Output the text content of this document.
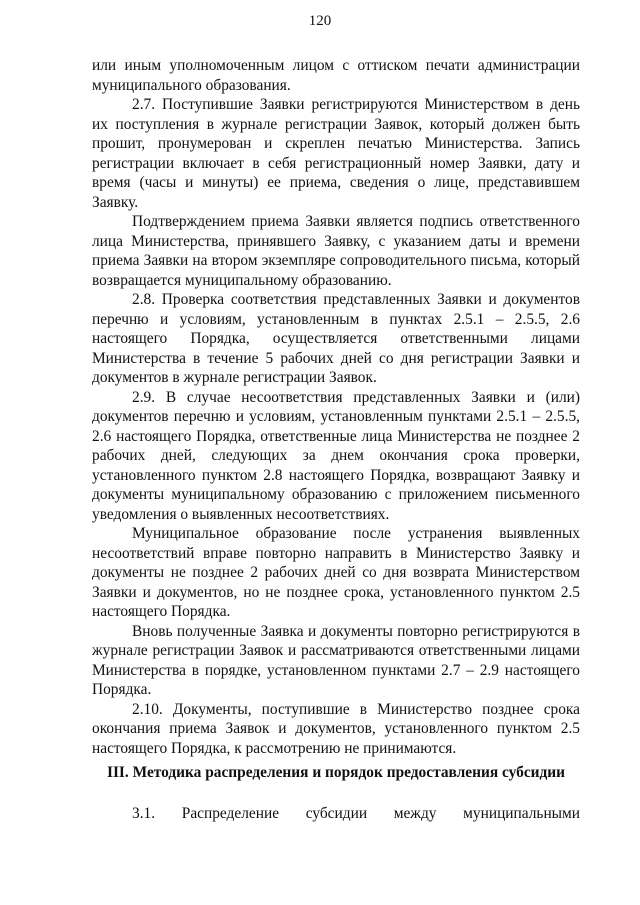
120

или иным уполномоченным лицом с оттиском печати администрации муниципального образования.

2.7. Поступившие Заявки регистрируются Министерством в день их поступления в журнале регистрации Заявок, который должен быть прошит, пронумерован и скреплен печатью Министерства. Запись регистрации включает в себя регистрационный номер Заявки, дату и время (часы и минуты) ее приема, сведения о лице, представившем Заявку.

Подтверждением приема Заявки является подпись ответственного лица Министерства, принявшего Заявку, с указанием даты и времени приема Заявки на втором экземпляре сопроводительного письма, который возвращается муниципальному образованию.

2.8. Проверка соответствия представленных Заявки и документов перечню и условиям, установленным в пунктах 2.5.1 – 2.5.5, 2.6 настоящего Порядка, осуществляется ответственными лицами Министерства в течение 5 рабочих дней со дня регистрации Заявки и документов в журнале регистрации Заявок.

2.9. В случае несоответствия представленных Заявки и (или) документов перечню и условиям, установленным пунктами 2.5.1 – 2.5.5, 2.6 настоящего Порядка, ответственные лица Министерства не позднее 2 рабочих дней, следующих за днем окончания срока проверки, установленного пунктом 2.8 настоящего Порядка, возвращают Заявку и документы муниципальному образованию с приложением письменного уведомления о выявленных несоответствиях.

Муниципальное образование после устранения выявленных несоответствий вправе повторно направить в Министерство Заявку и документы не позднее 2 рабочих дней со дня возврата Министерством Заявки и документов, но не позднее срока, установленного пунктом 2.5 настоящего Порядка.

Вновь полученные Заявка и документы повторно регистрируются в журнале регистрации Заявок и рассматриваются ответственными лицами Министерства в порядке, установленном пунктами 2.7 – 2.9 настоящего Порядка.

2.10. Документы, поступившие в Министерство позднее срока окончания приема Заявок и документов, установленного пунктом 2.5 настоящего Порядка, к рассмотрению не принимаются.

III. Методика распределения и порядок предоставления субсидии

3.1. Распределение субсидии между муниципальными
